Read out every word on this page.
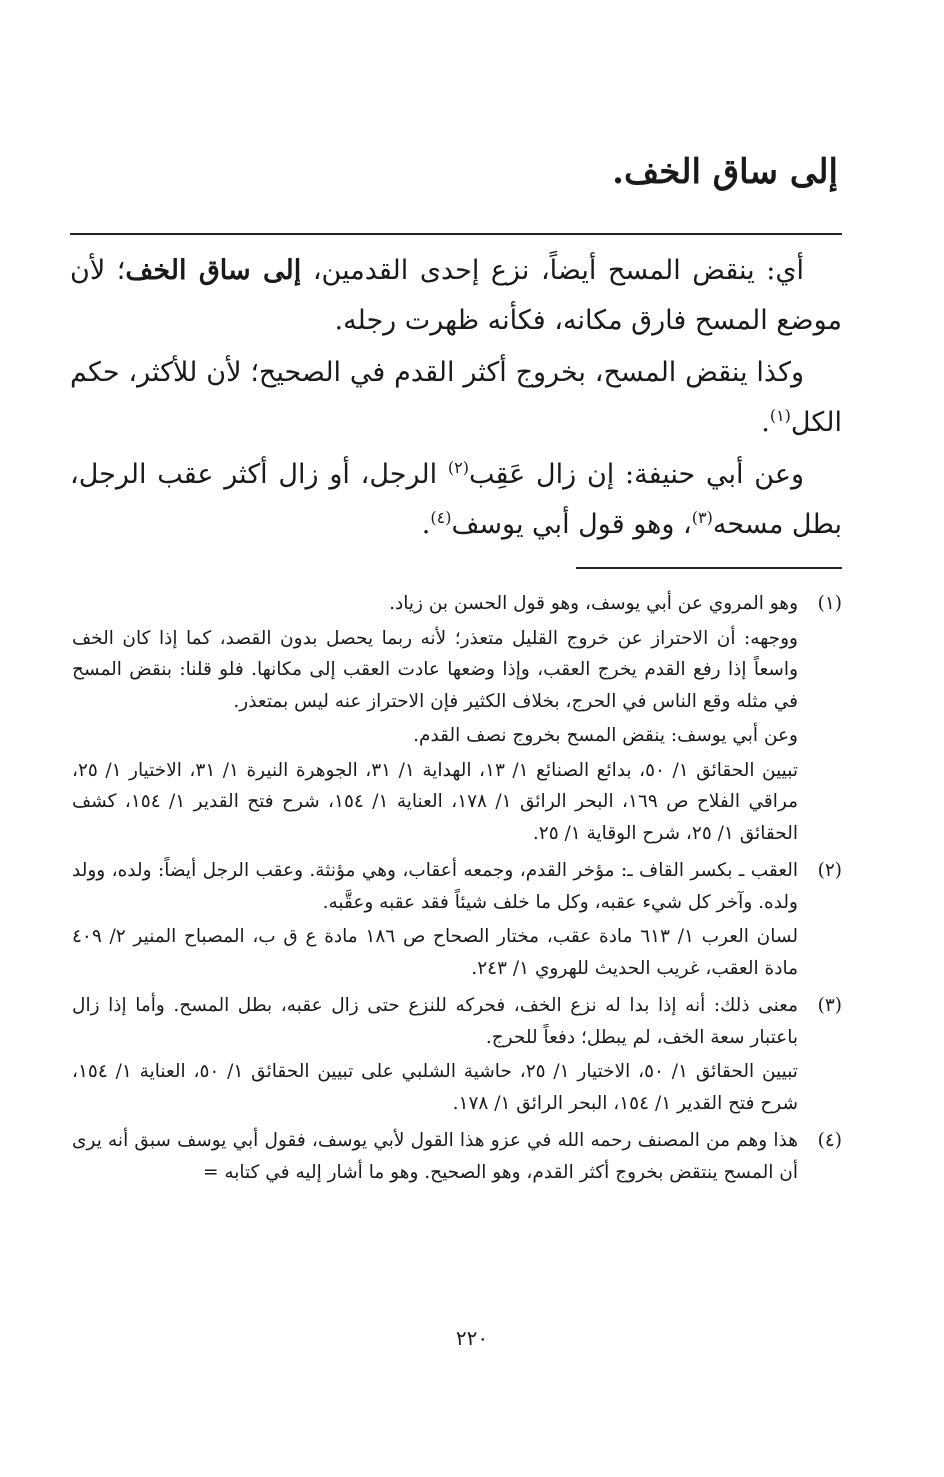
إلى ساق الخف.

أي: ينقض المسح أيضاً، نزع إحدى القدمين، إلى ساق الخف؛ لأن موضع المسح فارق مكانه، فكأنه ظهرت رجله.

وكذا ينقض المسح، بخروج أكثر القدم في الصحيح؛ لأن للأكثر، حكم الكل$^{(١)}$.

وعن أبي حنيفة: إن زال عَقِب$^{(٢)}$ الرجل، أو زال أكثر عقب الرجل، بطل مسحه$^{(٣)}$، وهو قول أبي يوسف$^{(٤)}$.

(١)

وهو المروي عن أبي يوسف، وهو قول الحسن بن زياد.

ووجهه: أن الاحتراز عن خروج القليل متعذر؛ لأنه ربما يحصل بدون القصد، كما إذا كان الخف واسعاً إذا رفع القدم يخرج العقب، وإذا وضعها عادت العقب إلى مكانها. فلو قلنا: بنقض المسح في مثله وقع الناس في الحرج، بخلاف الكثير فإن الاحتراز عنه ليس بمتعذر.

وعن أبي يوسف: ينقض المسح بخروج نصف القدم.

تبيين الحقائق ١/ ٥٠، بدائع الصنائع ١/ ١٣، الهداية ١/ ٣١، الجوهرة النيرة ١/ ٣١، الاختيار ١/ ٢٥، مراقي الفلاح ص ١٦٩، البحر الرائق ١/ ١٧٨، العناية ١/ ١٥٤، شرح فتح القدير ١/ ١٥٤، كشف الحقائق ١/ ٢٥، شرح الوقاية ١/ ٢٥.

(٢)

العقب ـ بكسر القاف ـ: مؤخر القدم، وجمعه أعقاب، وهي مؤنثة. وعقب الرجل أيضاً: ولده، وولد ولده. وآخر كل شيء عقبه، وكل ما خلف شيئاً فقد عقبه وعقَّبه.

لسان العرب ١/ ٦١٣ مادة عقب، مختار الصحاح ص ١٨٦ مادة ع ق ب، المصباح المنير ٢/ ٤٠٩ مادة العقب، غريب الحديث للهروي ١/ ٢٤٣.

(٣)

معنى ذلك: أنه إذا بدا له نزع الخف، فحركه للنزع حتى زال عقبه، بطل المسح. وأما إذا زال باعتبار سعة الخف، لم يبطل؛ دفعاً للحرج.

تبيين الحقائق ١/ ٥٠، الاختيار ١/ ٢٥، حاشية الشلبي على تبيين الحقائق ١/ ٥٠، العناية ١/ ١٥٤، شرح فتح القدير ١/ ١٥٤، البحر الرائق ١/ ١٧٨.

(٤)

هذا وهم من المصنف رحمه الله في عزو هذا القول لأبي يوسف، فقول أبي يوسف سبق أنه يرى أن المسح ينتقض بخروج أكثر القدم، وهو الصحيح. وهو ما أشار إليه في كتابه =

٢٢٠
